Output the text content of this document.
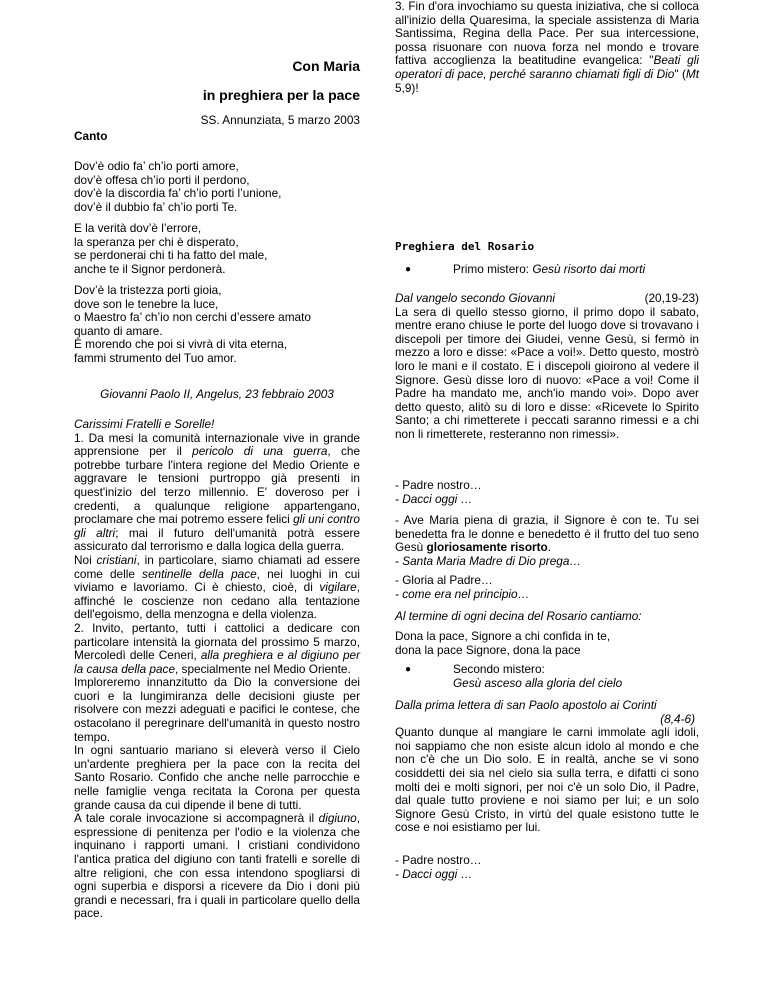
Con Maria
in preghiera per la pace
SS. Annunziata, 5 marzo 2003
Canto

Dov’è odio fa’ ch’io porti amore,

dov’è offesa ch’io porti il perdono,

dov’è la discordia fa’ ch’io porti l’unione,

dov’è il dubbio fa’ ch’io porti Te.

E la verità dov’è l’errore,

la speranza per chi è disperato,

se perdonerai chi ti ha fatto del male,

anche te il Signor perdonerà.

Dov’è la tristezza porti gioia,

dove son le tenebre la luce,

o Maestro fa’ ch’io non cerchi d’essere amato

quanto di amare.

È morendo che poi si vivrà di vita eterna,

fammi strumento del Tuo amor.

Giovanni Paolo II, Angelus, 23 febbraio 2003

Carissimi Fratelli e Sorelle!

1. Da mesi la comunità internazionale vive in grande apprensione per il pericolo di una guerra, che potrebbe turbare l'intera regione del Medio Oriente e aggravare le tensioni purtroppo già presenti in quest'inizio del terzo millennio. E' doveroso per i credenti, a qualunque religione appartengano, proclamare che mai potremo essere felici gli uni contro gli altri; mai il futuro dell'umanità potrà essere assicurato dal terrorismo e dalla logica della guerra.

Noi cristiani, in particolare, siamo chiamati ad essere come delle sentinelle della pace, nei luoghi in cui viviamo e lavoriamo. Ci è chiesto, cioè, di vigilare, affinché le coscienze non cedano alla tentazione dell'egoismo, della menzogna e della violenza.

2. Invito, pertanto, tutti i cattolici a dedicare con particolare intensità la giornata del prossimo 5 marzo, Mercoledì delle Ceneri, alla preghiera e al digiuno per la causa della pace, specialmente nel Medio Oriente.

Imploreremo innanzitutto da Dio la conversione dei cuori e la lungimiranza delle decisioni giuste per risolvere con mezzi adeguati e pacifici le contese, che ostacolano il peregrinare dell'umanità in questo nostro tempo.

In ogni santuario mariano si eleverà verso il Cielo un'ardente preghiera per la pace con la recita del Santo Rosario. Confido che anche nelle parrocchie e nelle famiglie venga recitata la Corona per questa grande causa da cui dipende il bene di tutti.

A tale corale invocazione si accompagnerà il digiuno, espressione di penitenza per l'odio e la violenza che inquinano i rapporti umani. I cristiani condividono l'antica pratica del digiuno con tanti fratelli e sorelle di altre religioni, che con essa intendono spogliarsi di ogni superbia e disporsi a ricevere da Dio i doni più grandi e necessari, fra i quali in particolare quello della pace.

3. Fin d'ora invochiamo su questa iniziativa, che si colloca all'inizio della Quaresima, la speciale assistenza di Maria Santissima, Regina della Pace. Per sua intercessione, possa risuonare con nuova forza nel mondo e trovare fattiva accoglienza la beatitudine evangelica: "Beati gli operatori di pace, perché saranno chiamati figli di Dio" (Mt 5,9)!

Preghiera del Rosario
●	Primo mistero: Gesù risorto dai morti
Dal vangelo secondo Giovanni	(20,19-23)

La sera di quello stesso giorno, il primo dopo il sabato, mentre erano chiuse le porte del luogo dove si trovavano i discepoli per timore dei Giudei, venne Gesù, si fermò in mezzo a loro e disse: «Pace a voi!». Detto questo, mostrò loro le mani e il costato. E i discepoli gioirono al vedere il Signore. Gesù disse loro di nuovo: «Pace a voi! Come il Padre ha mandato me, anch'io mando voi». Dopo aver detto questo, alitò su di loro e disse: «Ricevete lo Spirito Santo; a chi rimetterete i peccati saranno rimessi e a chi non li rimetterete, resteranno non rimessi».

- Padre nostro…

- Dacci oggi …

- Ave Maria piena di grazia, il Signore è con te. Tu sei benedetta fra le donne e benedetto è il frutto del tuo seno Gesù gloriosamente risorto.

- Santa Maria Madre di Dio prega…

- Gloria al Padre…

- come era nel principio…

Al termine di ogni decina del Rosario cantiamo:

Dona la pace, Signore a chi confida in te,

dona la pace Signore, dona la pace

●	Secondo mistero:
Gesù asceso alla gloria del cielo

Dalla prima lettera di san Paolo apostolo ai Corinti

(8,4-6)

Quanto dunque al mangiare le carni immolate agli idoli, noi sappiamo che non esiste alcun idolo al mondo e che non c'è che un Dio solo. E in realtà, anche se vi sono cosiddetti dei sia nel cielo sia sulla terra, e difatti ci sono molti dei e molti signori, per noi c'è un solo Dio, il Padre, dal quale tutto proviene e noi siamo per lui; e un solo Signore Gesù Cristo, in virtù del quale esistono tutte le cose e noi esistiamo per lui.

- Padre nostro…

- Dacci oggi …
